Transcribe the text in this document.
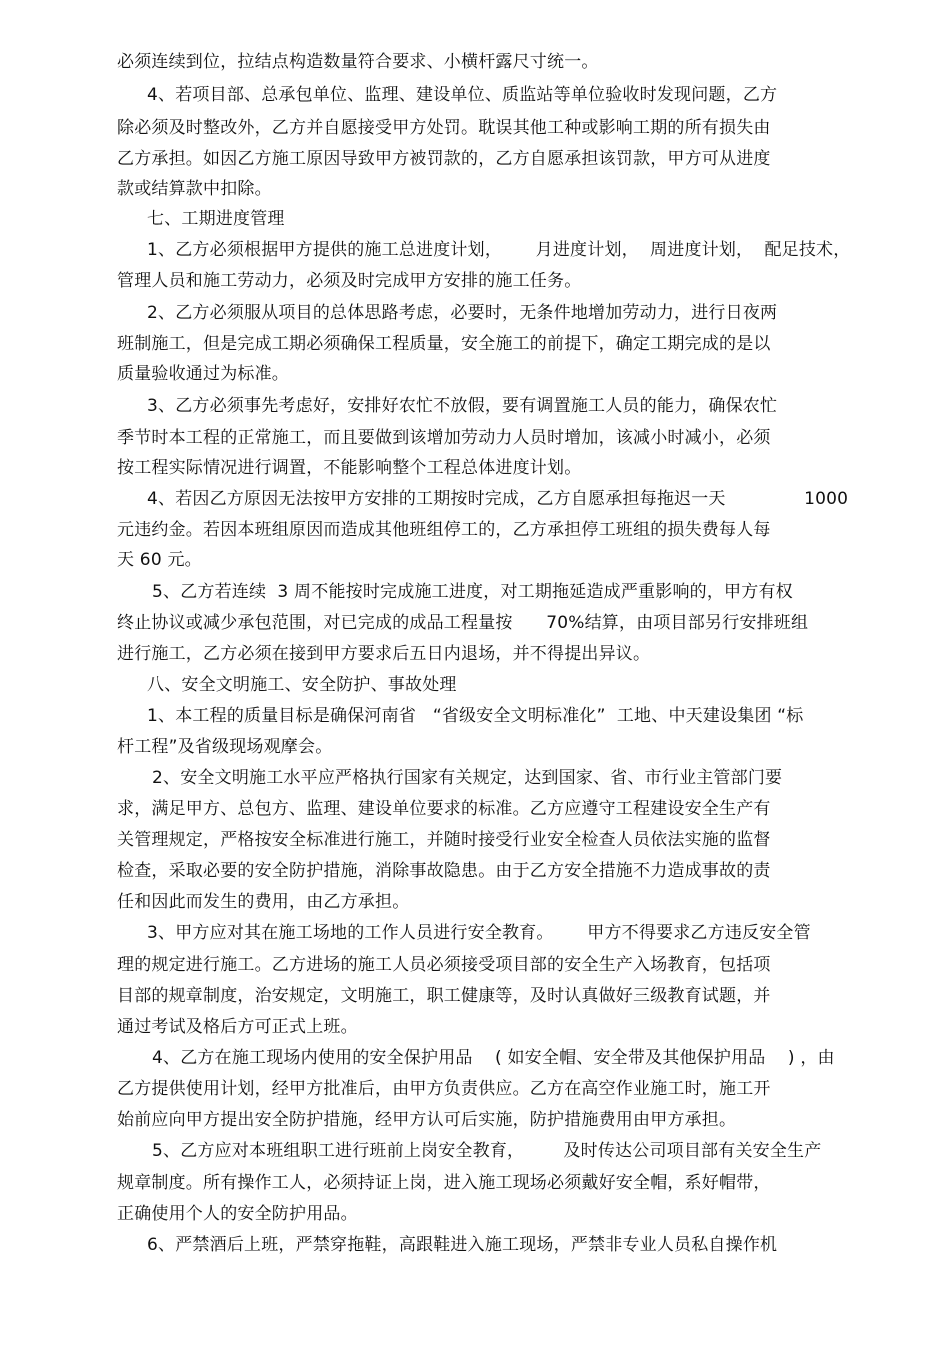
必须连续到位，拉结点构造数量符合要求、小横杆露尺寸统一。
4、若项目部、总承包单位、监理、建设单位、质监站等单位验收时发现问题，乙方
除必须及时整改外，乙方并自愿接受甲方处罚。耽误其他工种或影响工期的所有损失由
乙方承担。如因乙方施工原因导致甲方被罚款的，乙方自愿承担该罚款，甲方可从进度
款或结算款中扣除。
七、工期进度管理
1、乙方必须根据甲方提供的施工总进度计划，      月进度计划，  周进度计划，  配足技术，
管理人员和施工劳动力，必须及时完成甲方安排的施工任务。
2、乙方必须服从项目的总体思路考虑，必要时，无条件地增加劳动力，进行日夜两
班制施工，但是完成工期必须确保工程质量，安全施工的前提下，确定工期完成的是以
质量验收通过为标准。
3、乙方必须事先考虑好，安排好农忙不放假，要有调置施工人员的能力，确保农忙
季节时本工程的正常施工，而且要做到该增加劳动力人员时增加，该减小时减小，必须
按工程实际情况进行调置，不能影响整个工程总体进度计划。
4、若因乙方原因无法按甲方安排的工期按时完成，乙方自愿承担每拖迟一天              1000
元违约金。若因本班组原因而造成其他班组停工的，乙方承担停工班组的损失费每人每
天 60 元。
5、乙方若连续  3 周不能按时完成施工进度，对工期拖延造成严重影响的，甲方有权
终止协议或减少承包范围，对已完成的成品工程量按      70%结算，由项目部另行安排班组
进行施工，乙方必须在接到甲方要求后五日内退场，并不得提出异议。
八、安全文明施工、安全防护、事故处理
1、本工程的质量目标是确保河南省   “省级安全文明标准化”  工地、中天建设集团 “标
杆工程”及省级现场观摩会。
2、安全文明施工水平应严格执行国家有关规定，达到国家、省、市行业主管部门要
求，满足甲方、总包方、监理、建设单位要求的标准。乙方应遵守工程建设安全生产有
关管理规定，严格按安全标准进行施工，并随时接受行业安全检查人员依法实施的监督
检查，采取必要的安全防护措施，消除事故隐患。由于乙方安全措施不力造成事故的责
任和因此而发生的费用，由乙方承担。
3、甲方应对其在施工场地的工作人员进行安全教育。      甲方不得要求乙方违反安全管
理的规定进行施工。乙方进场的施工人员必须接受项目部的安全生产入场教育，包括项
目部的规章制度，治安规定，文明施工，职工健康等，及时认真做好三级教育试题，并
通过考试及格后方可正式上班。
4、乙方在施工现场内使用的安全保护用品    ( 如安全帽、安全带及其他保护用品    ) ，由
乙方提供使用计划，经甲方批准后，由甲方负责供应。乙方在高空作业施工时，施工开
始前应向甲方提出安全防护措施，经甲方认可后实施，防护措施费用由甲方承担。
5、乙方应对本班组职工进行班前上岗安全教育，       及时传达公司项目部有关安全生产
规章制度。所有操作工人，必须持证上岗，进入施工现场必须戴好安全帽，系好帽带，
正确使用个人的安全防护用品。
6、严禁酒后上班，严禁穿拖鞋，高跟鞋进入施工现场，严禁非专业人员私自操作机
